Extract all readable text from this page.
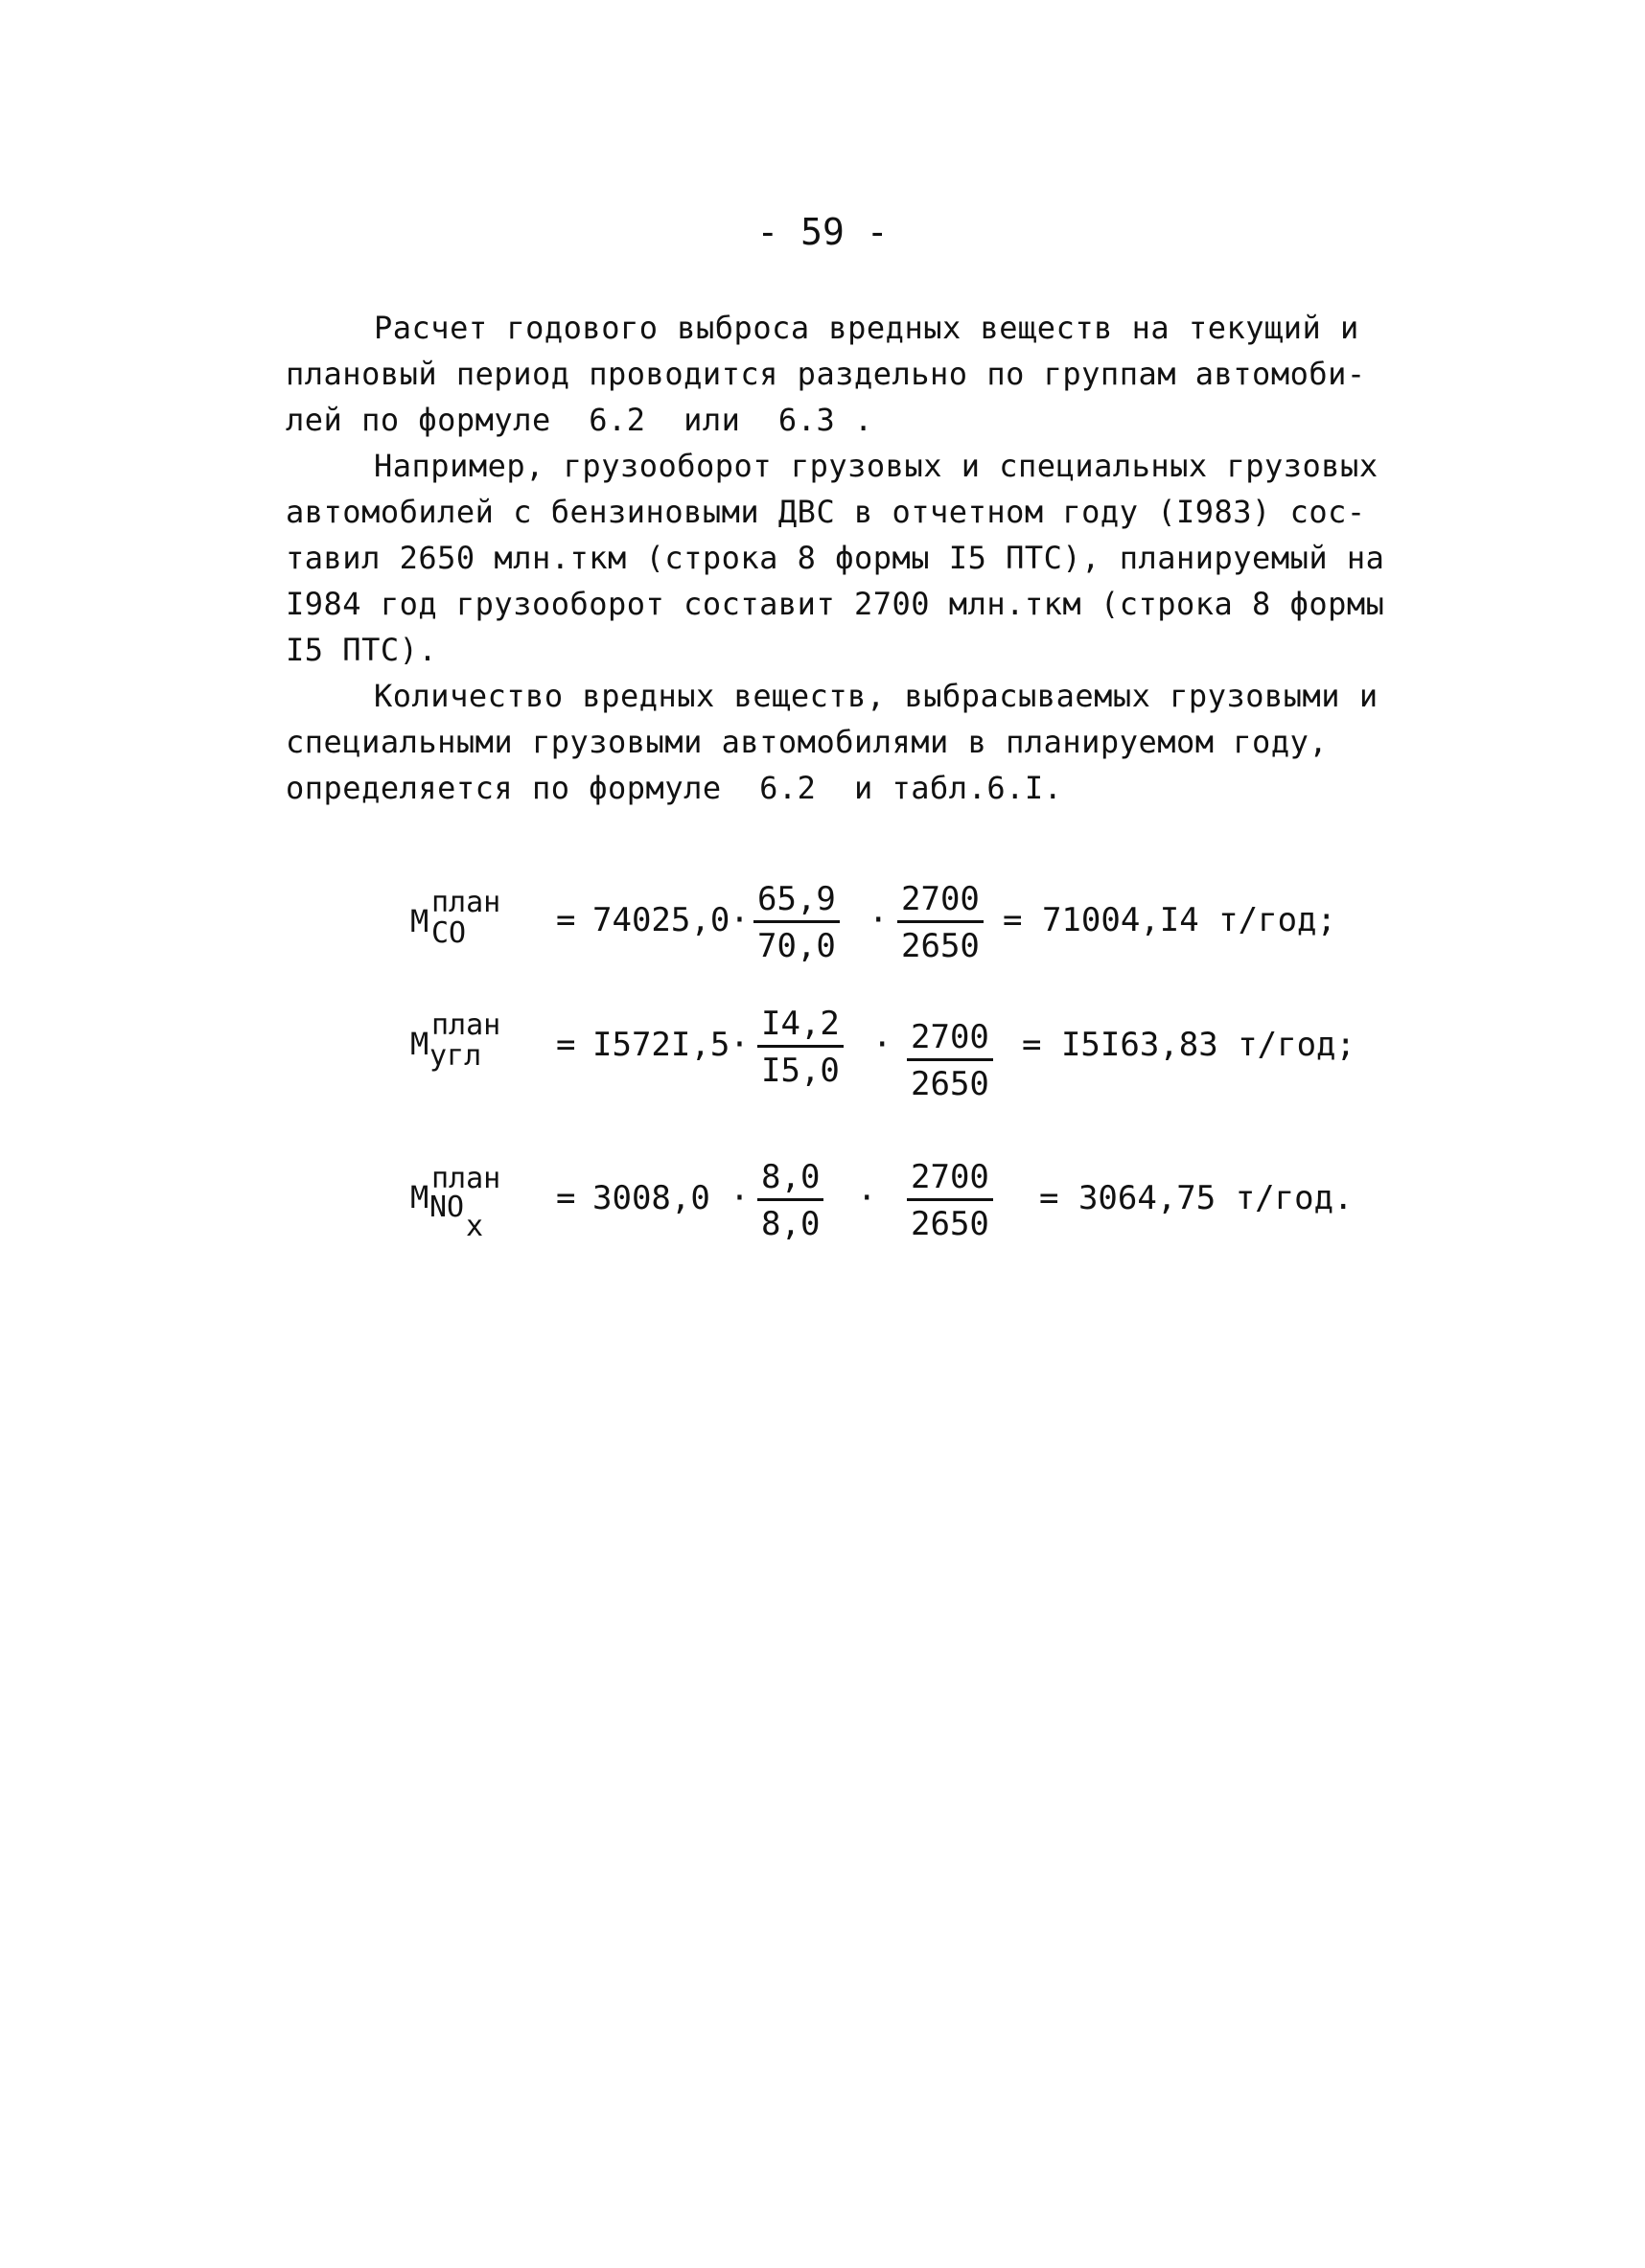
- 59 -
Расчет годового выброса вредных веществ на текущий и
плановый период проводится раздельно по группам автомоби-
лей по формуле  6.2  или  6.3 .
Например, грузооборот грузовых и специальных грузовых
автомобилей с бензиновыми ДВС в отчетном году (I983) сос-
тавил 2650 млн.ткм (строка 8 формы I5 ПТС), планируемый на
I984 год грузооборот составит 2700 млн.ткм (строка 8 формы
I5 ПТС).
Количество вредных веществ, выбрасываемых грузовыми и
специальными грузовыми автомобилями в планируемом году,
определяется по формуле  6.2  и табл.6.I.
M
план
CO	= $74025,0\cdot \frac{65,9}{70,0} \cdot \frac{2700}{2650} = 71004,I4$ т/год;
M
план
угл = $I572I,5\cdot \frac{I4,2}{I5,0} \cdot \frac{2700}{2650} = I5I63,83$ т/год;
M
план
NO
x
= $3008,0 \cdot \frac{8,0}{8,0} \cdot \frac{2700}{2650} = 3064,75$ т/год.
